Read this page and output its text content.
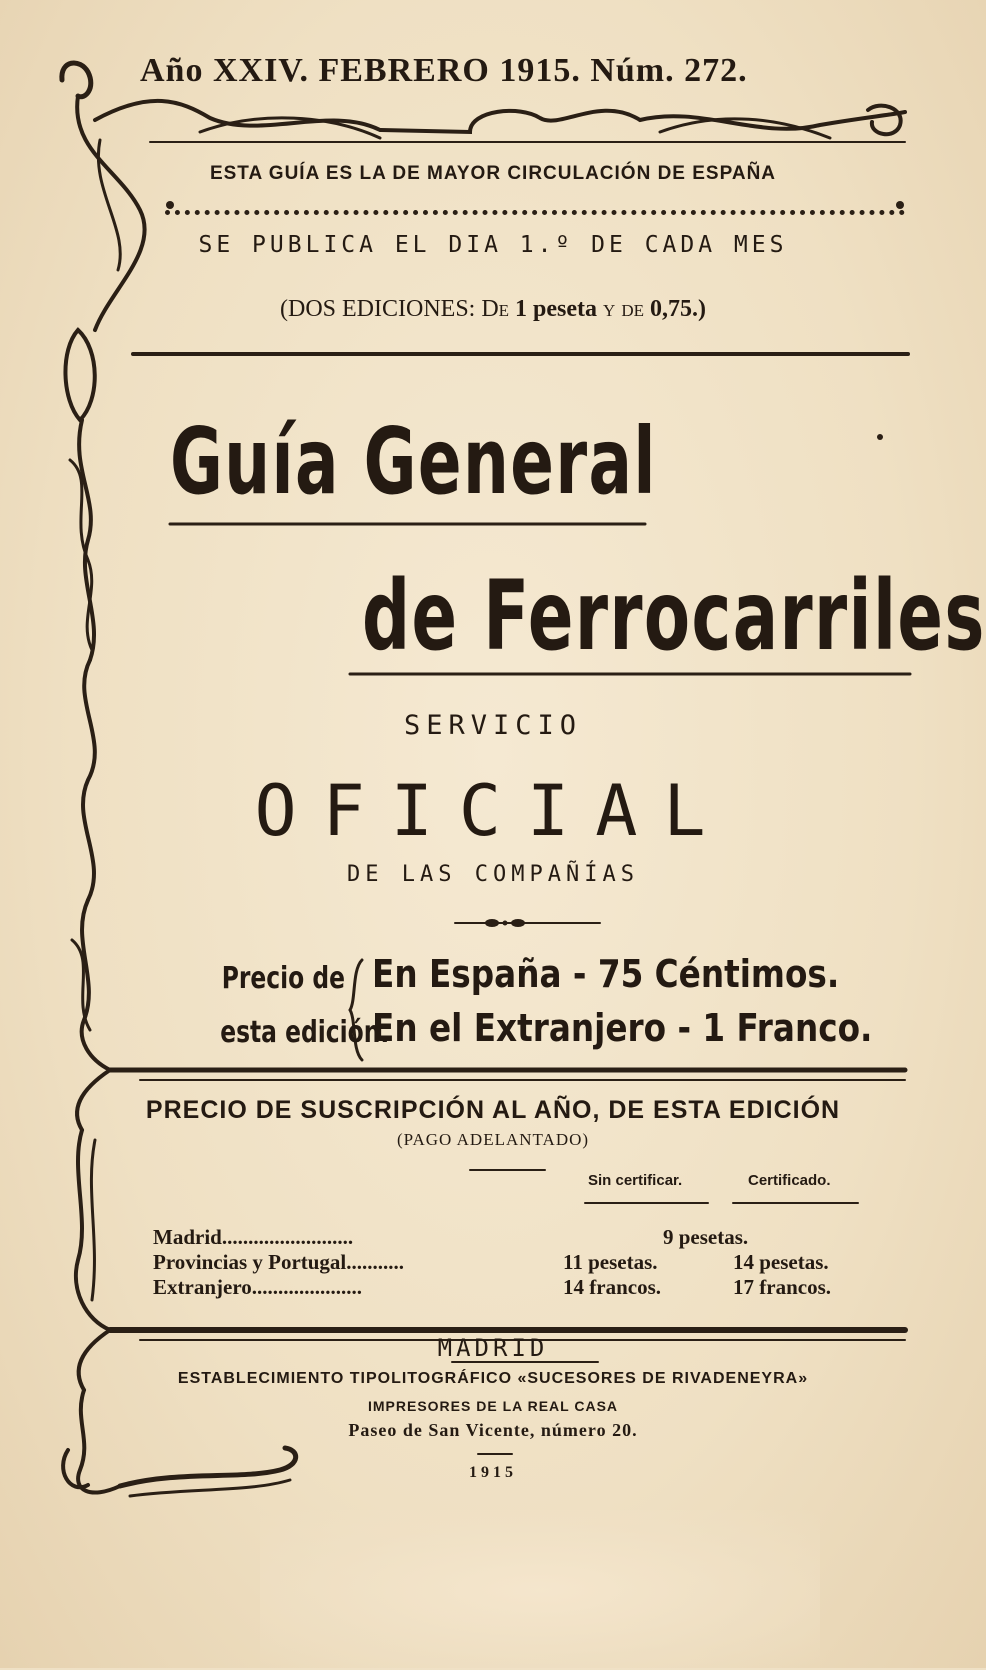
Año XXIV. FEBRERO 1915. Núm. 272.
ESTA GUÍA ES LA DE MAYOR CIRCULACIÓN DE ESPAÑA
SE PUBLICA EL DIA 1.º DE CADA MES
(DOS EDICIONES: De 1 peseta y de 0,75.)
Guía General
de Ferrocarriles
SERVICIO
OFICIAL
DE LAS COMPAÑÍAS
Precio de
esta edición.
En España - 75 Céntimos.
En el Extranjero - 1 Franco.
PRECIO DE SUSCRIPCIÓN AL AÑO, DE ESTA EDICIÓN
(PAGO ADELANTADO)
Sin certificar.	Certificado.
Madrid.........................	9 pesetas.
Provincias y Portugal...........	11 pesetas.	14 pesetas.
Extranjero.....................	14 francos.	17 francos.
MADRID
ESTABLECIMIENTO TIPOLITOGRÁFICO «SUCESORES DE RIVADENEYRA»
IMPRESORES DE LA REAL CASA
Paseo de San Vicente, número 20.
1915
